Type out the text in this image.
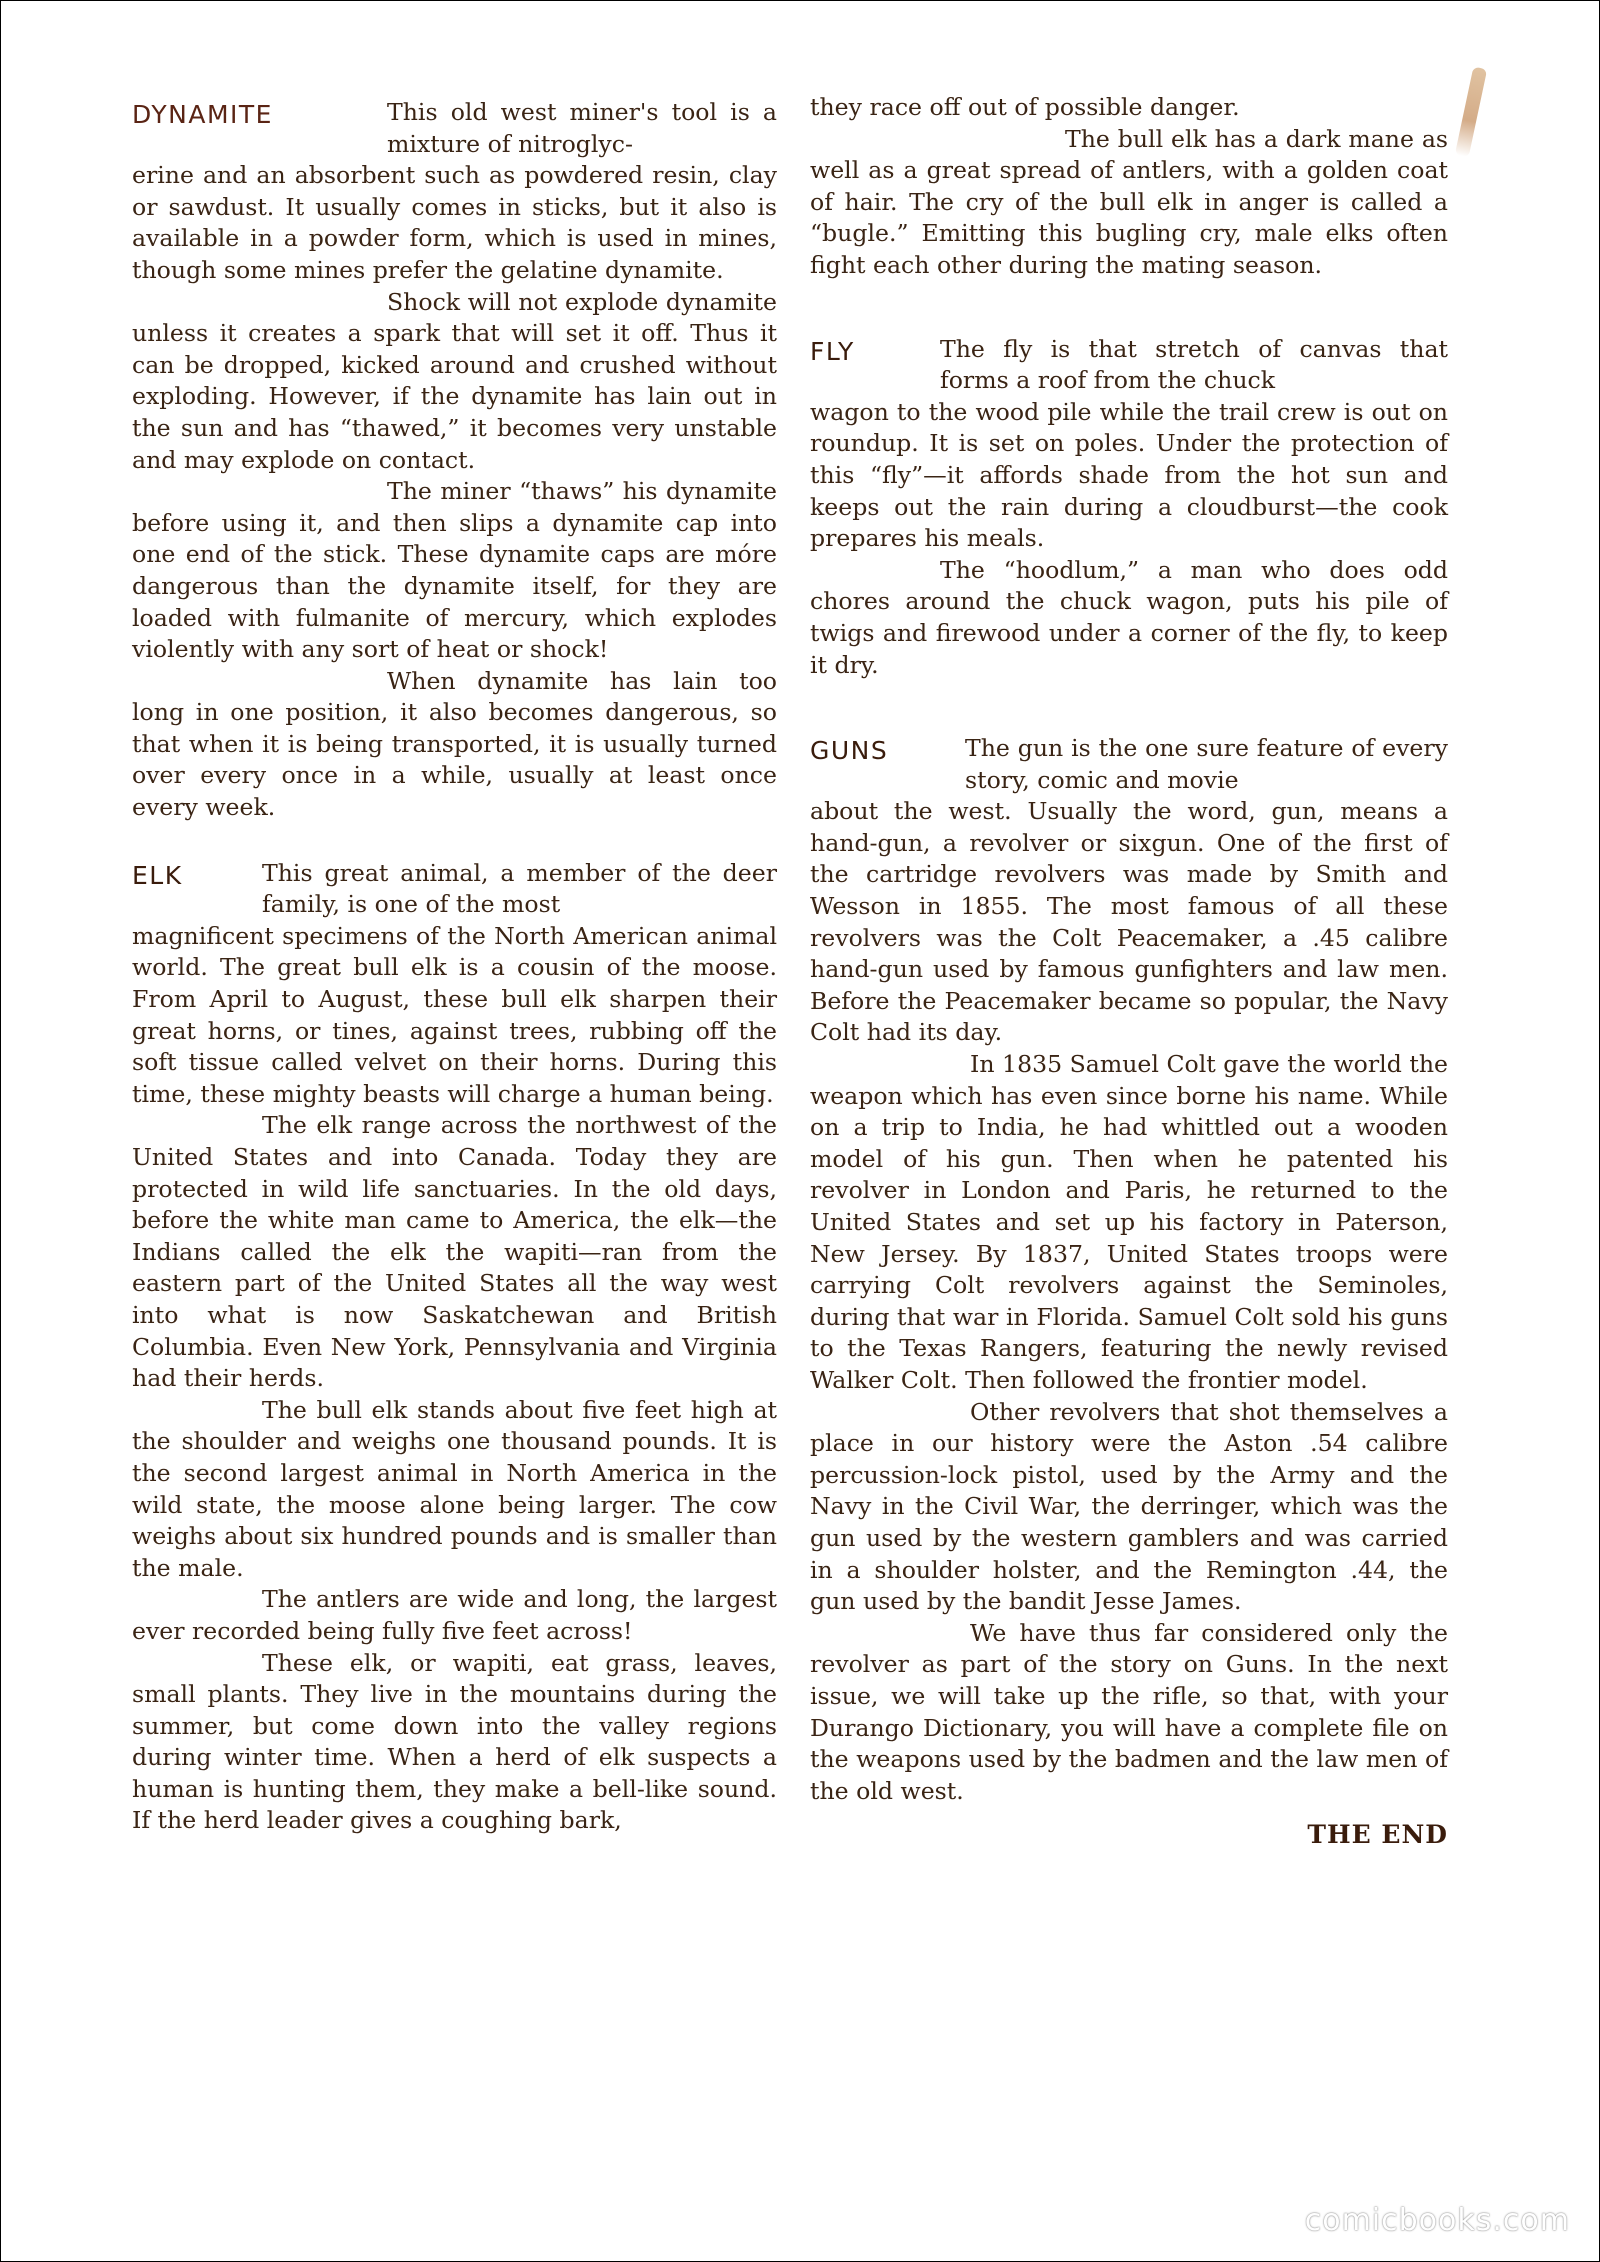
DYNAMITE	This old west miner's tool is a mixture of nitroglyc-

erine and an absorbent such as powdered resin, clay or sawdust. It usually comes in sticks, but it also is available in a powder form, which is used in mines, though some mines prefer the gelatine dynamite.

Shock will not explode dynamite unless it creates a spark that will set it off. Thus it can be dropped, kicked around and crushed without exploding. However, if the dynamite has lain out in the sun and has “thawed,” it becomes very unstable and may explode on contact.

The miner “thaws” his dynamite before using it, and then slips a dynamite cap into one end of the stick. These dynamite caps are móre dangerous than the dynamite itself, for they are loaded with fulmanite of mercury, which explodes violently with any sort of heat or shock!

When dynamite has lain too long in one position, it also becomes dangerous, so that when it is being transported, it is usually turned over every once in a while, usually at least once every week.

ELK	This great animal, a member of the deer family, is one of the most

magnificent specimens of the North American animal world. The great bull elk is a cousin of the moose. From April to August, these bull elk sharpen their great horns, or tines, against trees, rubbing off the soft tissue called velvet on their horns. During this time, these mighty beasts will charge a human being.

The elk range across the northwest of the United States and into Canada. Today they are protected in wild life sanctuaries. In the old days, before the white man came to America, the elk—the Indians called the elk the wapiti—ran from the eastern part of the United States all the way west into what is now Saskatchewan and British Columbia. Even New York, Pennsylvania and Virginia had their herds.

The bull elk stands about five feet high at the shoulder and weighs one thousand pounds. It is the second largest animal in North America in the wild state, the moose alone being larger. The cow weighs about six hundred pounds and is smaller than the male.

The antlers are wide and long, the largest ever recorded being fully five feet across!

These elk, or wapiti, eat grass, leaves, small plants. They live in the mountains during the summer, but come down into the valley regions during winter time. When a herd of elk suspects a human is hunting them, they make a bell-like sound. If the herd leader gives a coughing bark,

they race off out of possible danger.

The bull elk has a dark mane as well as a great spread of antlers, with a golden coat of hair. The cry of the bull elk in anger is called a “bugle.” Emitting this bugling cry, male elks often fight each other during the mating season.

FLY	The fly is that stretch of canvas that forms a roof from the chuck

wagon to the wood pile while the trail crew is out on roundup. It is set on poles. Under the protection of this “fly”—it affords shade from the hot sun and keeps out the rain during a cloudburst—the cook prepares his meals.

The “hoodlum,” a man who does odd chores around the chuck wagon, puts his pile of twigs and firewood under a corner of the fly, to keep it dry.

GUNS	The gun is the one sure feature of every story, comic and movie

about the west. Usually the word, gun, means a hand-gun, a revolver or sixgun. One of the first of the cartridge revolvers was made by Smith and Wesson in 1855. The most famous of all these revolvers was the Colt Peacemaker, a .45 calibre hand-gun used by famous gunfighters and law men. Before the Peacemaker became so popular, the Navy Colt had its day.

In 1835 Samuel Colt gave the world the weapon which has even since borne his name. While on a trip to India, he had whittled out a wooden model of his gun. Then when he patented his revolver in London and Paris, he returned to the United States and set up his factory in Paterson, New Jersey. By 1837, United States troops were carrying Colt revolvers against the Seminoles, during that war in Florida. Samuel Colt sold his guns to the Texas Rangers, featuring the newly revised Walker Colt. Then followed the frontier model.

Other revolvers that shot themselves a place in our history were the Aston .54 calibre percussion-lock pistol, used by the Army and the Navy in the Civil War, the derringer, which was the gun used by the western gamblers and was carried in a shoulder holster, and the Remington .44, the gun used by the bandit Jesse James.

We have thus far considered only the revolver as part of the story on Guns. In the next issue, we will take up the rifle, so that, with your Durango Dictionary, you will have a complete file on the weapons used by the badmen and the law men of the old west.

THE END
comicbooks.com
